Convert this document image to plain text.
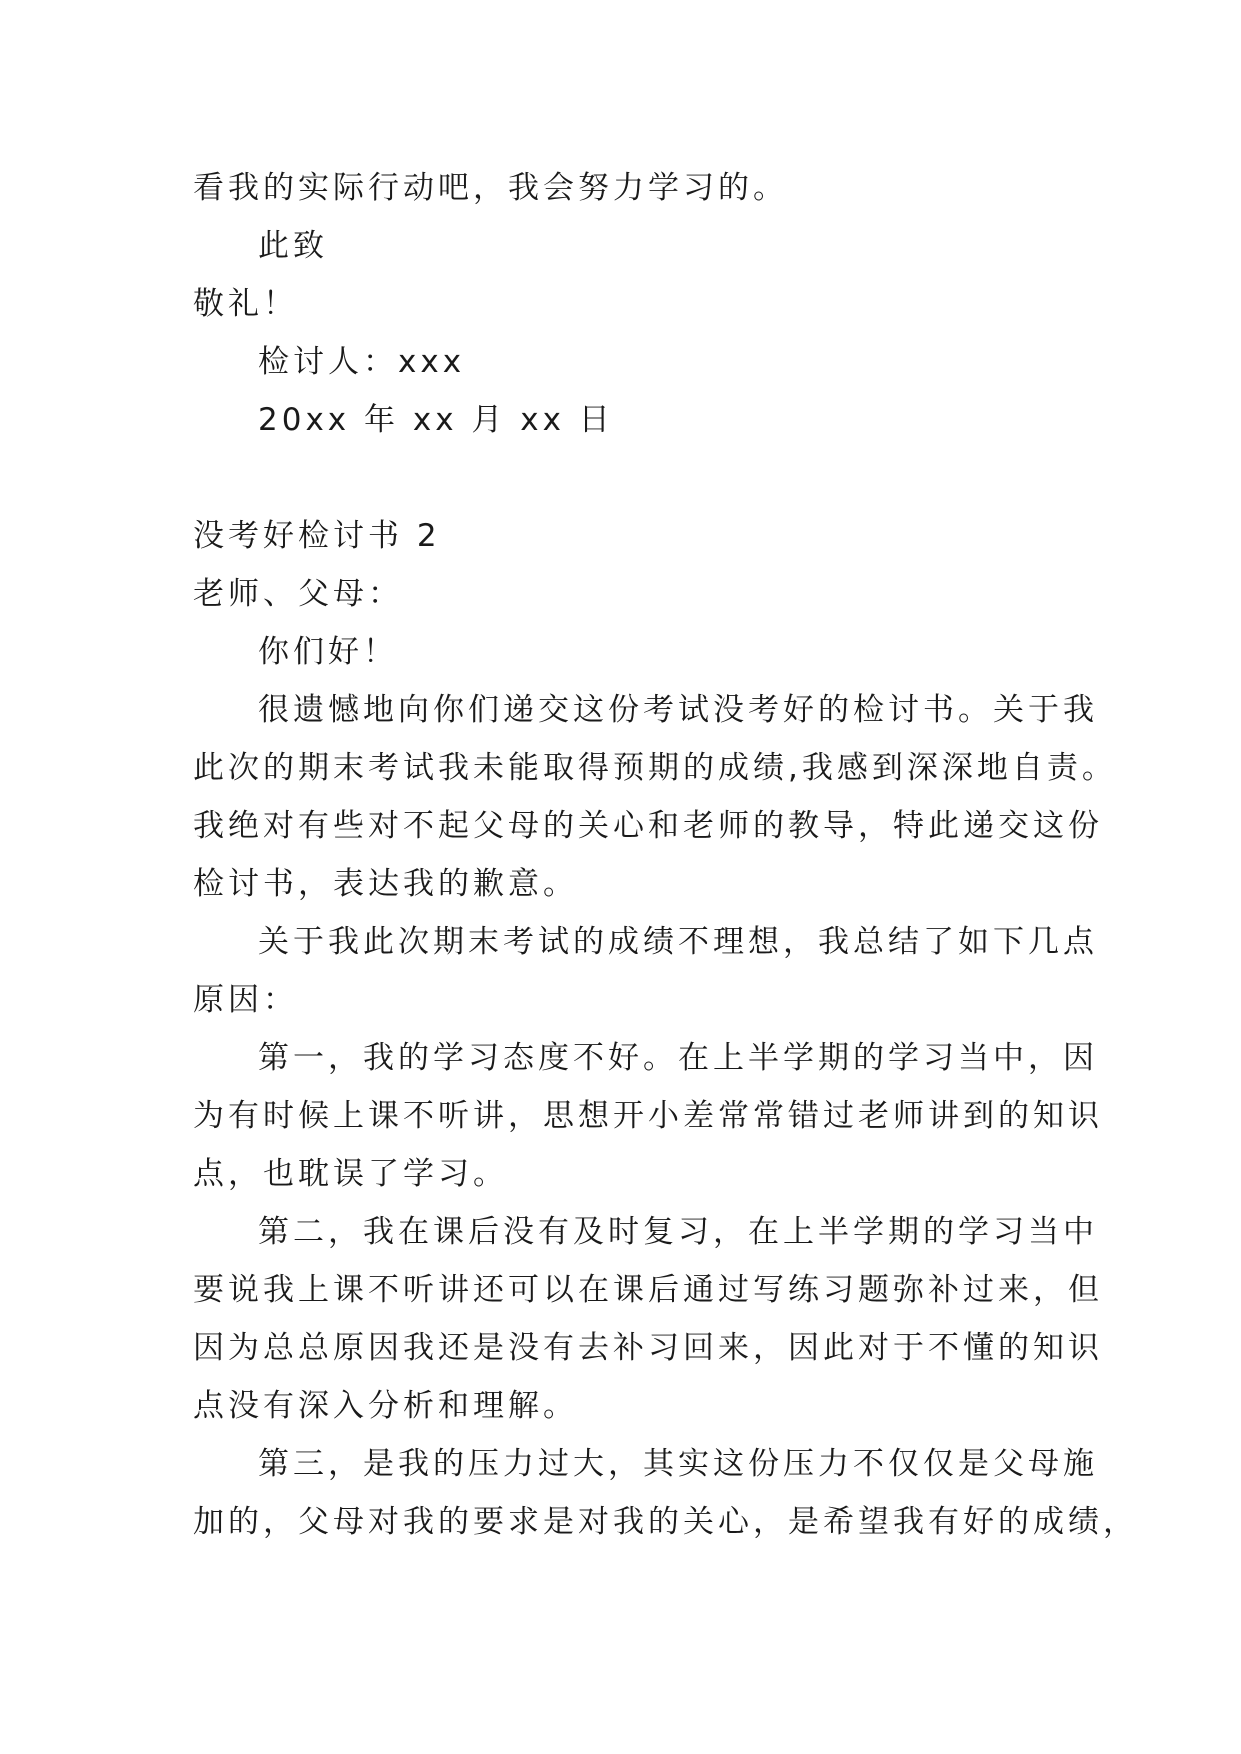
看我的实际行动吧，我会努力学习的。
此致
敬礼！
检讨人：xxx
20xx 年 xx 月 xx 日
没考好检讨书 2
老师、父母：
你们好！
很遗憾地向你们递交这份考试没考好的检讨书。关于我
此次的期末考试我未能取得预期的成绩,我感到深深地自责。
我绝对有些对不起父母的关心和老师的教导，特此递交这份
检讨书，表达我的歉意。
关于我此次期末考试的成绩不理想，我总结了如下几点
原因：
第一，我的学习态度不好。在上半学期的学习当中，因
为有时候上课不听讲，思想开小差常常错过老师讲到的知识
点，也耽误了学习。
第二，我在课后没有及时复习，在上半学期的学习当中
要说我上课不听讲还可以在课后通过写练习题弥补过来，但
因为总总原因我还是没有去补习回来，因此对于不懂的知识
点没有深入分析和理解。
第三，是我的压力过大，其实这份压力不仅仅是父母施
加的，父母对我的要求是对我的关心，是希望我有好的成绩，
